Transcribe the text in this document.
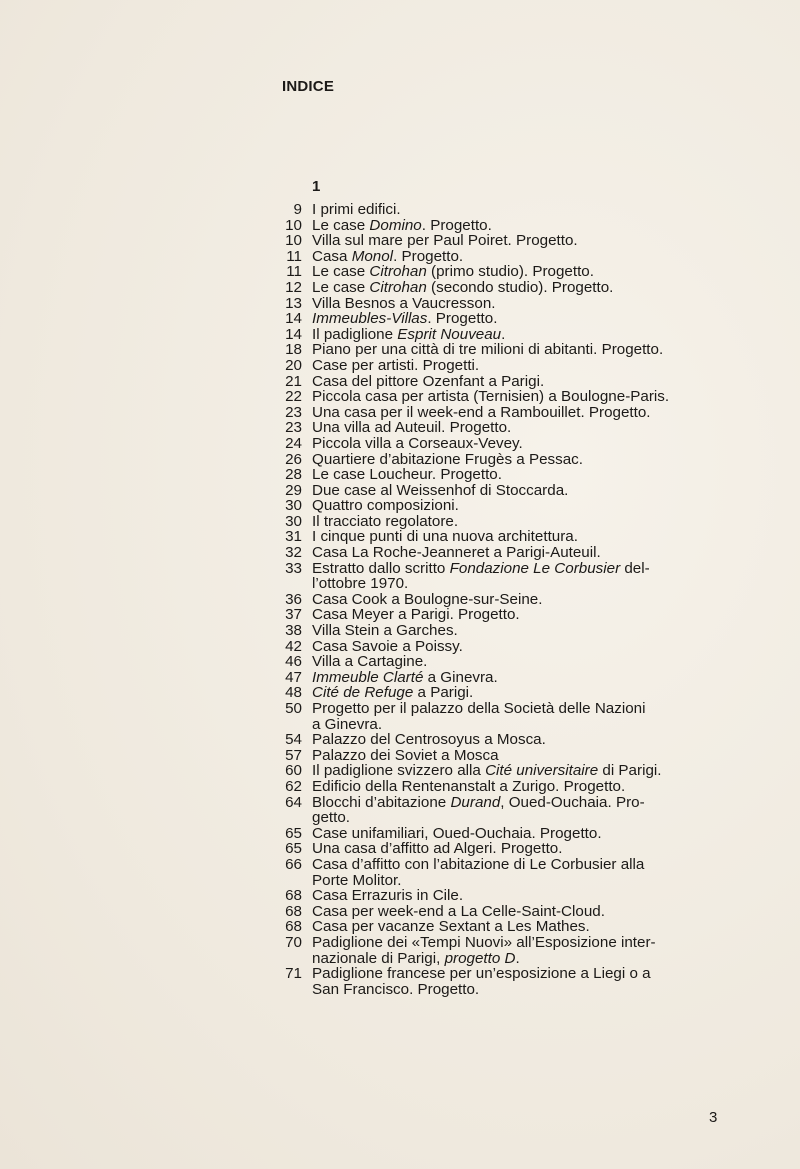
INDICE
1
9 I primi edifici.
10 Le case Domino. Progetto.
10 Villa sul mare per Paul Poiret. Progetto.
11 Casa Monol. Progetto.
11 Le case Citrohan (primo studio). Progetto.
12 Le case Citrohan (secondo studio). Progetto.
13 Villa Besnos a Vaucresson.
14 Immeubles-Villas. Progetto.
14 Il padiglione Esprit Nouveau.
18 Piano per una città di tre milioni di abitanti. Progetto.
20 Case per artisti. Progetti.
21 Casa del pittore Ozenfant a Parigi.
22 Piccola casa per artista (Ternisien) a Boulogne-Paris.
23 Una casa per il week-end a Rambouillet. Progetto.
23 Una villa ad Auteuil. Progetto.
24 Piccola villa a Corseaux-Vevey.
26 Quartiere d’abitazione Frugès a Pessac.
28 Le case Loucheur. Progetto.
29 Due case al Weissenhof di Stoccarda.
30 Quattro composizioni.
30 Il tracciato regolatore.
31 I cinque punti di una nuova architettura.
32 Casa La Roche-Jeanneret a Parigi-Auteuil.
33 Estratto dallo scritto Fondazione Le Corbusier del-
l’ottobre 1970.
36 Casa Cook a Boulogne-sur-Seine.
37 Casa Meyer a Parigi. Progetto.
38 Villa Stein a Garches.
42 Casa Savoie a Poissy.
46 Villa a Cartagine.
47 Immeuble Clarté a Ginevra.
48 Cité de Refuge a Parigi.
50 Progetto per il palazzo della Società delle Nazioni
a Ginevra.
54 Palazzo del Centrosoyus a Mosca.
57 Palazzo dei Soviet a Mosca
60 Il padiglione svizzero alla Cité universitaire di Parigi.
62 Edificio della Rentenanstalt a Zurigo. Progetto.
64 Blocchi d’abitazione Durand, Oued-Ouchaia. Pro-
getto.
65 Case unifamiliari, Oued-Ouchaia. Progetto.
65 Una casa d’affitto ad Algeri. Progetto.
66 Casa d’affitto con l’abitazione di Le Corbusier alla
Porte Molitor.
68 Casa Errazuris in Cile.
68 Casa per week-end a La Celle-Saint-Cloud.
68 Casa per vacanze Sextant a Les Mathes.
70 Padiglione dei «Tempi Nuovi» all’Esposizione inter-
nazionale di Parigi, progetto D.
71 Padiglione francese per un’esposizione a Liegi o a
San Francisco. Progetto.
3
